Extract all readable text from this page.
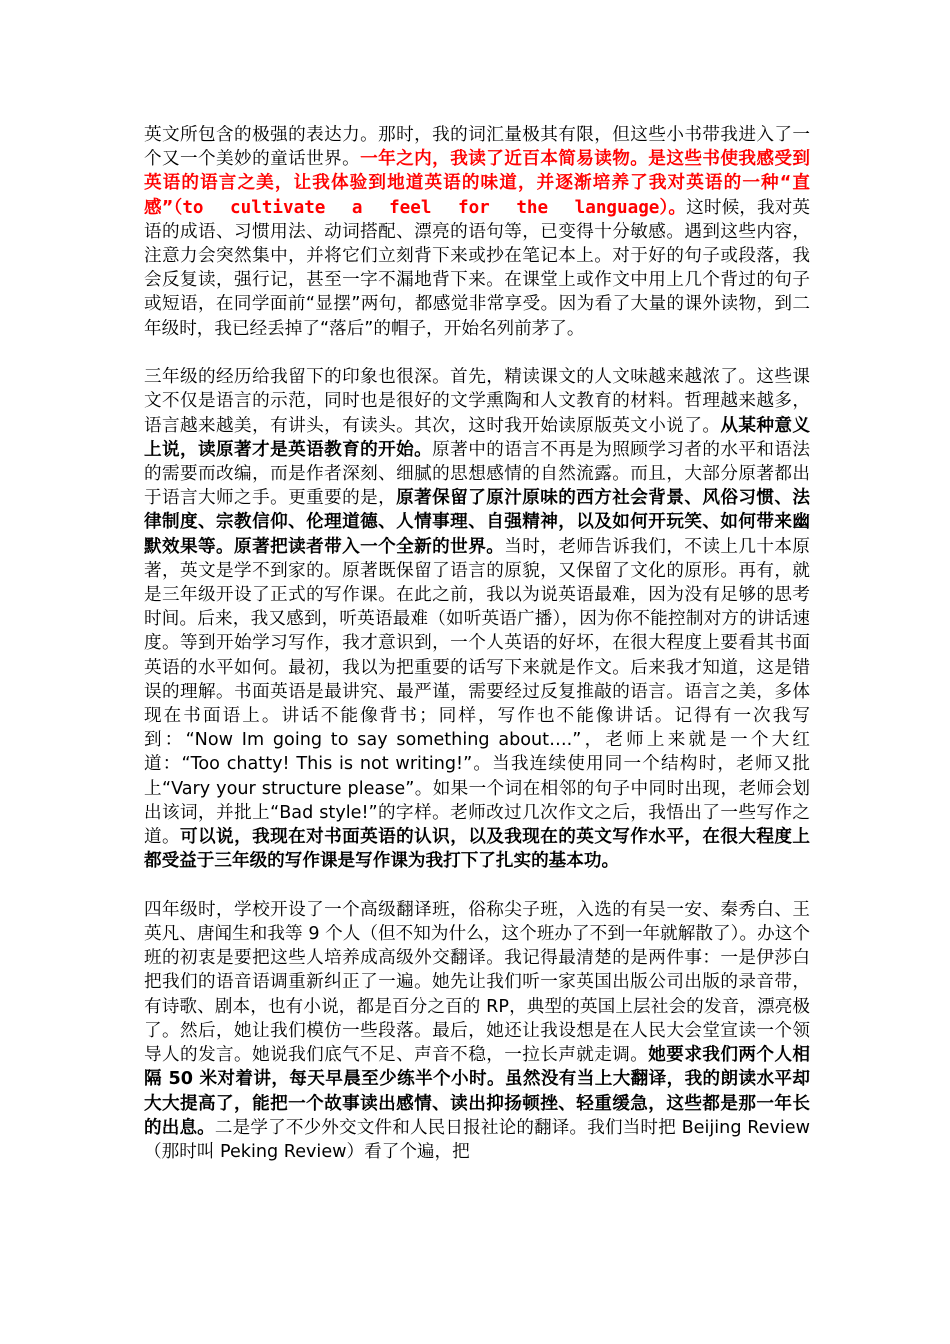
英文所包含的极强的表达力。那时，我的词汇量极其有限，但这些小书带我进入了一个又一个美妙的童话世界。一年之内，我读了近百本简易读物。是这些书使我感受到英语的语言之美，让我体验到地道英语的味道，并逐渐培养了我对英语的一种“直感”（to cultivate a feel for the language）。这时候，我对英语的成语、习惯用法、动词搭配、漂亮的语句等，已变得十分敏感。遇到这些内容，注意力会突然集中，并将它们立刻背下来或抄在笔记本上。对于好的句子或段落，我会反复读，强行记，甚至一字不漏地背下来。在课堂上或作文中用上几个背过的句子或短语，在同学面前“显摆”两句，都感觉非常享受。因为看了大量的课外读物，到二年级时，我已经丢掉了“落后”的帽子，开始名列前茅了。

三年级的经历给我留下的印象也很深。首先，精读课文的人文味越来越浓了。这些课文不仅是语言的示范，同时也是很好的文学熏陶和人文教育的材料。哲理越来越多，语言越来越美，有讲头，有读头。其次，这时我开始读原版英文小说了。从某种意义上说，读原著才是英语教育的开始。原著中的语言不再是为照顾学习者的水平和语法的需要而改编，而是作者深刻、细腻的思想感情的自然流露。而且，大部分原著都出于语言大师之手。更重要的是，原著保留了原汁原味的西方社会背景、风俗习惯、法律制度、宗教信仰、伦理道德、人情事理、自强精神，以及如何开玩笑、如何带来幽默效果等。原著把读者带入一个全新的世界。当时，老师告诉我们，不读上几十本原著，英文是学不到家的。原著既保留了语言的原貌，又保留了文化的原形。再有，就是三年级开设了正式的写作课。在此之前，我以为说英语最难，因为没有足够的思考时间。后来，我又感到，听英语最难（如听英语广播），因为你不能控制对方的讲话速度。等到开始学习写作，我才意识到，一个人英语的好坏，在很大程度上要看其书面英语的水平如何。最初，我以为把重要的话写下来就是作文。后来我才知道，这是错误的理解。书面英语是最讲究、最严谨，需要经过反复推敲的语言。语言之美，多体现在书面语上。讲话不能像背书；同样，写作也不能像讲话。记得有一次我写到：“Now Im going to say something about….”，老师上来就是一个大红道：“Too chatty! This is not writing!”。当我连续使用同一个结构时，老师又批上“Vary your structure please”。如果一个词在相邻的句子中同时出现，老师会划出该词，并批上“Bad style!”的字样。老师改过几次作文之后，我悟出了一些写作之道。可以说，我现在对书面英语的认识，以及我现在的英文写作水平，在很大程度上都受益于三年级的写作课是写作课为我打下了扎实的基本功。

四年级时，学校开设了一个高级翻译班，俗称尖子班，入选的有吴一安、秦秀白、王英凡、唐闻生和我等 9 个人（但不知为什么，这个班办了不到一年就解散了）。办这个班的初衷是要把这些人培养成高级外交翻译。我记得最清楚的是两件事：一是伊莎白把我们的语音语调重新纠正了一遍。她先让我们听一家英国出版公司出版的录音带，有诗歌、剧本，也有小说，都是百分之百的 RP，典型的英国上层社会的发音，漂亮极了。然后，她让我们模仿一些段落。最后，她还让我设想是在人民大会堂宣读一个领导人的发言。她说我们底气不足、声音不稳，一拉长声就走调。她要求我们两个人相隔 50 米对着讲，每天早晨至少练半个小时。虽然没有当上大翻译，我的朗读水平却大大提高了，能把一个故事读出感情、读出抑扬顿挫、轻重缓急，这些都是那一年长的出息。二是学了不少外交文件和人民日报社论的翻译。我们当时把 Beijing Review（那时叫 Peking Review）看了个遍，把
